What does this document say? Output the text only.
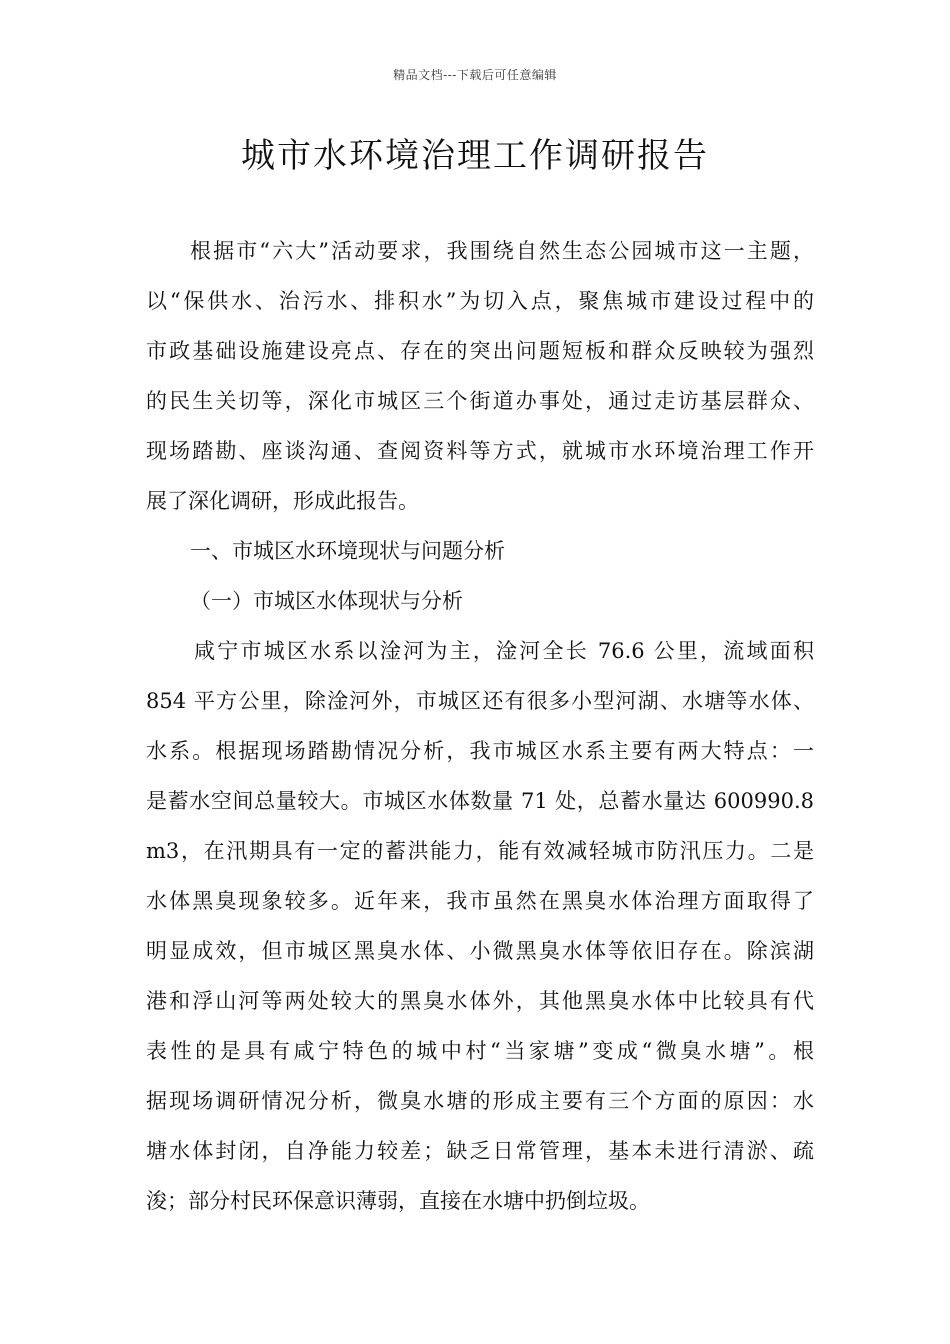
精品文档---下载后可任意编辑
城市水环境治理工作调研报告
根据市“六大”活动要求，我围绕自然生态公园城市这一主题，
以“保供水、治污水、排积水”为切入点，聚焦城市建设过程中的
市政基础设施建设亮点、存在的突出问题短板和群众反映较为强烈
的民生关切等，深化市城区三个街道办事处，通过走访基层群众、
现场踏勘、座谈沟通、查阅资料等方式，就城市水环境治理工作开
展了深化调研，形成此报告。
一、市城区水环境现状与问题分析
（一）市城区水体现状与分析
咸宁市城区水系以淦河为主，淦河全长 76.6 公里，流域面积
854 平方公里，除淦河外，市城区还有很多小型河湖、水塘等水体、
水系。根据现场踏勘情况分析，我市城区水系主要有两大特点：一
是蓄水空间总量较大。市城区水体数量 71 处，总蓄水量达 600990.8
m3，在汛期具有一定的蓄洪能力，能有效减轻城市防汛压力。二是
水体黑臭现象较多。近年来，我市虽然在黑臭水体治理方面取得了
明显成效，但市城区黑臭水体、小微黑臭水体等依旧存在。除滨湖
港和浮山河等两处较大的黑臭水体外，其他黑臭水体中比较具有代
表性的是具有咸宁特色的城中村“当家塘”变成“微臭水塘”。根
据现场调研情况分析，微臭水塘的形成主要有三个方面的原因：水
塘水体封闭，自净能力较差；缺乏日常管理，基本未进行清淤、疏
浚；部分村民环保意识薄弱，直接在水塘中扔倒垃圾。
